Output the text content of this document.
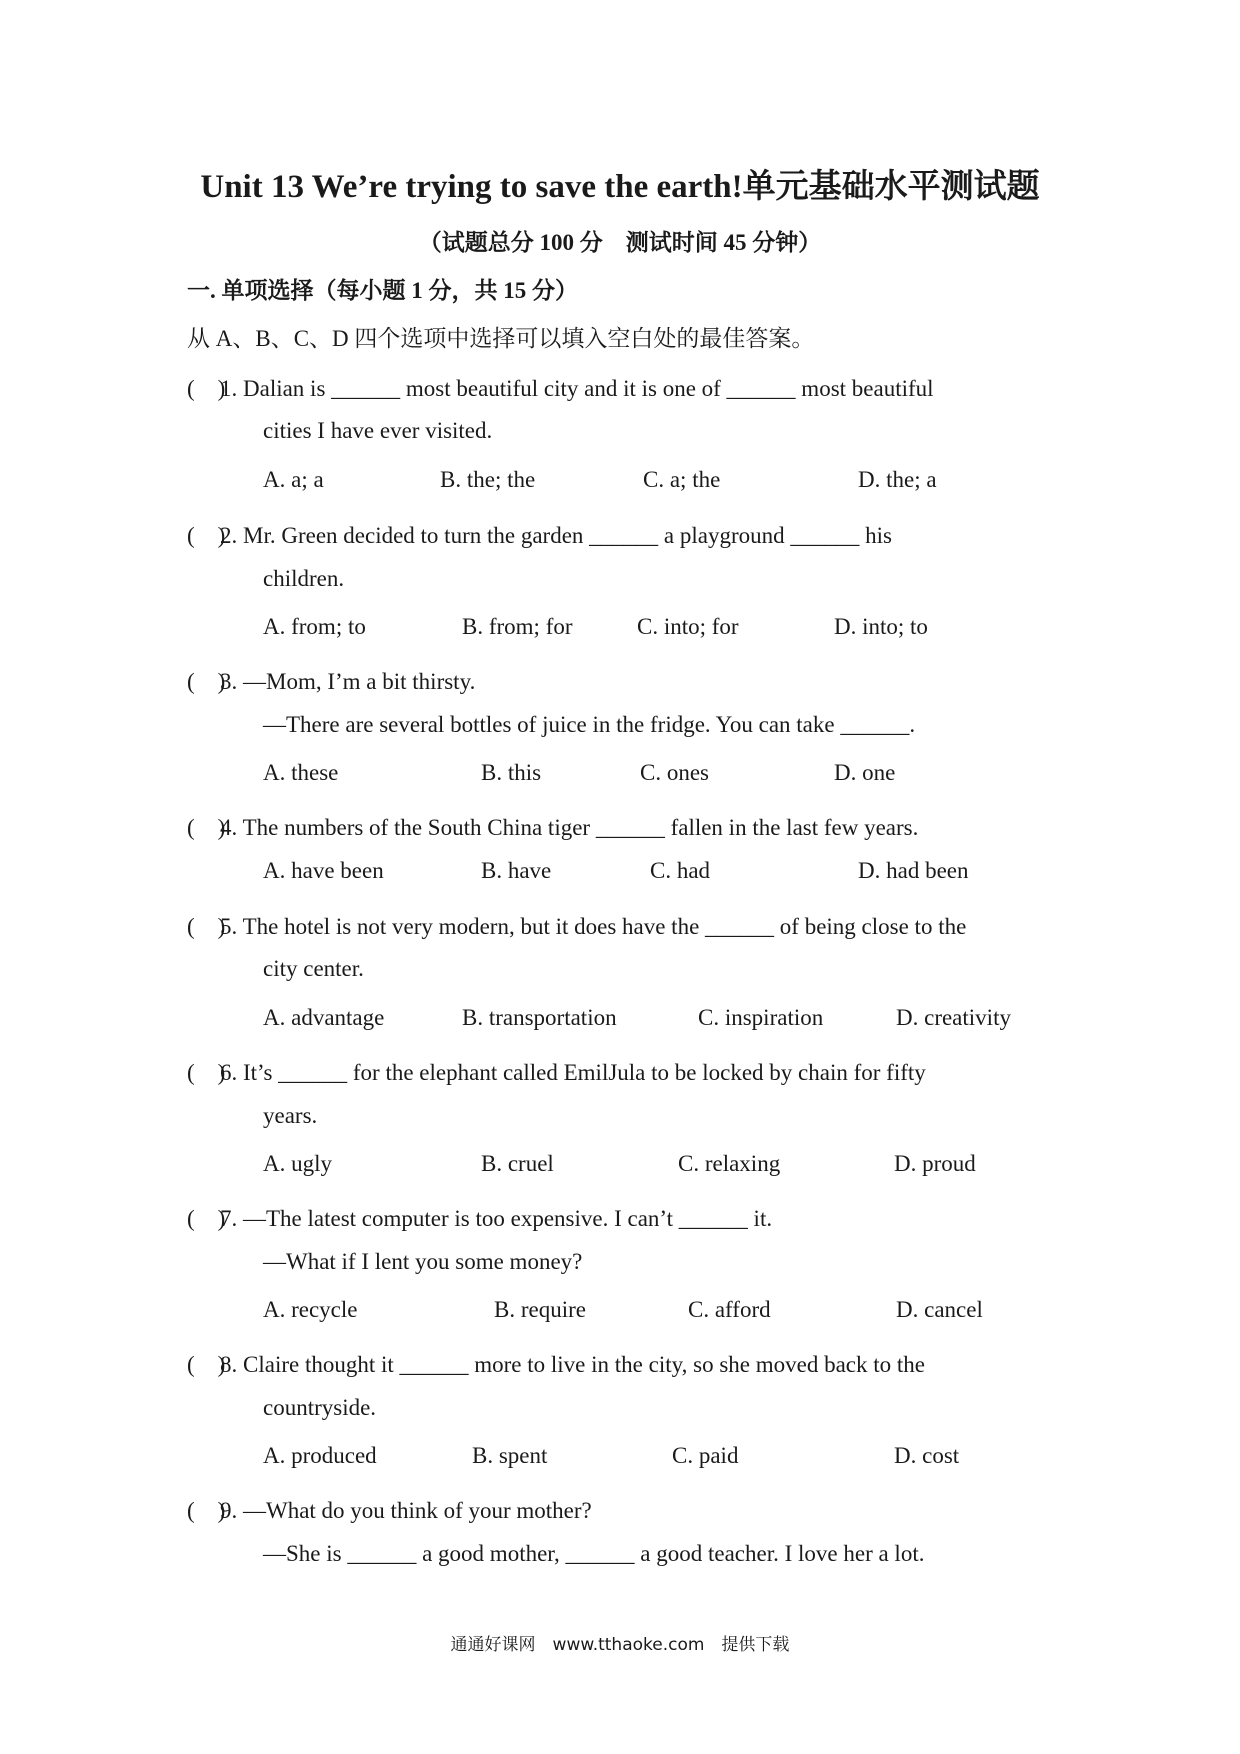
Unit 13 We’re trying to save the earth!单元基础水平测试题
（试题总分 100 分　测试时间 45 分钟）
一. 单项选择（每小题 1 分，共 15 分）
从 A、B、C、D 四个选项中选择可以填入空白处的最佳答案。
(　)1. Dalian is ______ most beautiful city and it is one of ______ most beautiful
cities I have ever visited.
A. a; a	B. the; the	C. a; the	D. the; a
(　)2. Mr. Green decided to turn the garden ______ a playground ______ his
children.
A. from; to	B. from; for	C. into; for	D. into; to
(　)3. —Mom, I’m a bit thirsty.
—There are several bottles of juice in the fridge. You can take ______.
A. these	B. this	C. ones	D. one
(　)4. The numbers of the South China tiger ______ fallen in the last few years.
A. have been	B. have	C. had	D. had been
(　)5. The hotel is not very modern, but it does have the ______ of being close to the
city center.
A. advantage	B. transportation	C. inspiration	D. creativity
(　)6. It’s ______ for the elephant called EmilJula to be locked by chain for fifty
years.
A. ugly	B. cruel	C. relaxing	D. proud
(　)7. —The latest computer is too expensive. I can’t ______ it.
—What if I lent you some money?
A. recycle	B. require	C. afford	D. cancel
(　)8. Claire thought it ______ more to live in the city, so she moved back to the
countryside.
A. produced	B. spent	C. paid	D. cost
(　)9. —What do you think of your mother?
—She is ______ a good mother, ______ a good teacher. I love her a lot.
通通好课网　www.tthaoke.com　提供下载
